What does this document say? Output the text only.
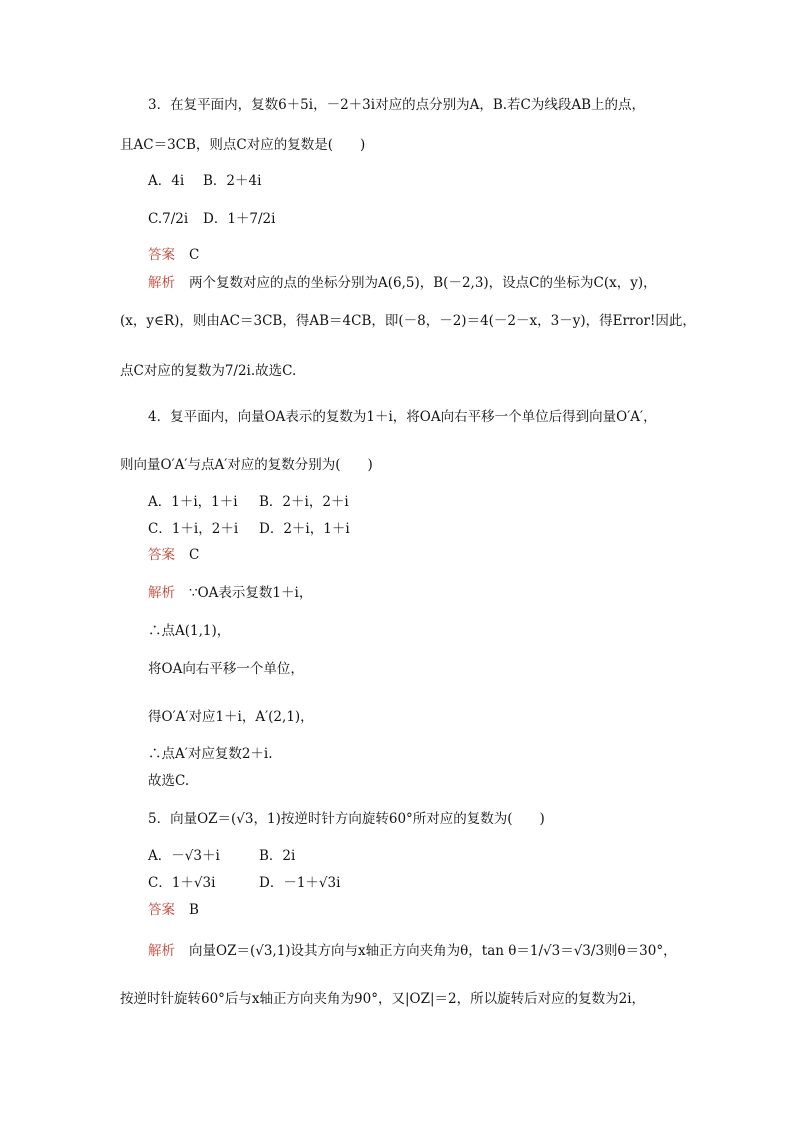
3．在复平面内，复数6＋5i，－2＋3i对应的点分别为A，B.若C为线段AB上的点，
且AC＝3CB，则点C对应的复数是(　　)
A．4i B．2＋4i
C.7/2i D．1＋7/2i
答案 C
解析 两个复数对应的点的坐标分别为A(6,5)，B(－2,3)，设点C的坐标为C(x，y)，
(x，y∈R)，则由AC＝3CB，得AB＝4CB，即(－8，－2)＝4(－2－x，3－y)，得Error!因此，
点C对应的复数为7/2i.故选C.
4．复平面内，向量OA表示的复数为1＋i，将OA向右平移一个单位后得到向量O′A′，
则向量O′A′与点A′对应的复数分别为(　　)
A．1＋i，1＋i B．2＋i，2＋i
C．1＋i，2＋i D．2＋i，1＋i
答案 C
解析 ∵OA表示复数1＋i，
∴点A(1,1)，
将OA向右平移一个单位，
得O′A′对应1＋i，A′(2,1)，
∴点A′对应复数2＋i.
故选C.
5．向量OZ＝(√3，1)按逆时针方向旋转60°所对应的复数为(　　)
A．－√3＋i	B．2i
C．1＋√3i	D．－1＋√3i
答案 B
解析 向量OZ＝(√3,1)设其方向与x轴正方向夹角为θ，tan θ＝1/√3＝√3/3则θ＝30°，
按逆时针旋转60°后与x轴正方向夹角为90°，又|OZ|＝2，所以旋转后对应的复数为2i，
